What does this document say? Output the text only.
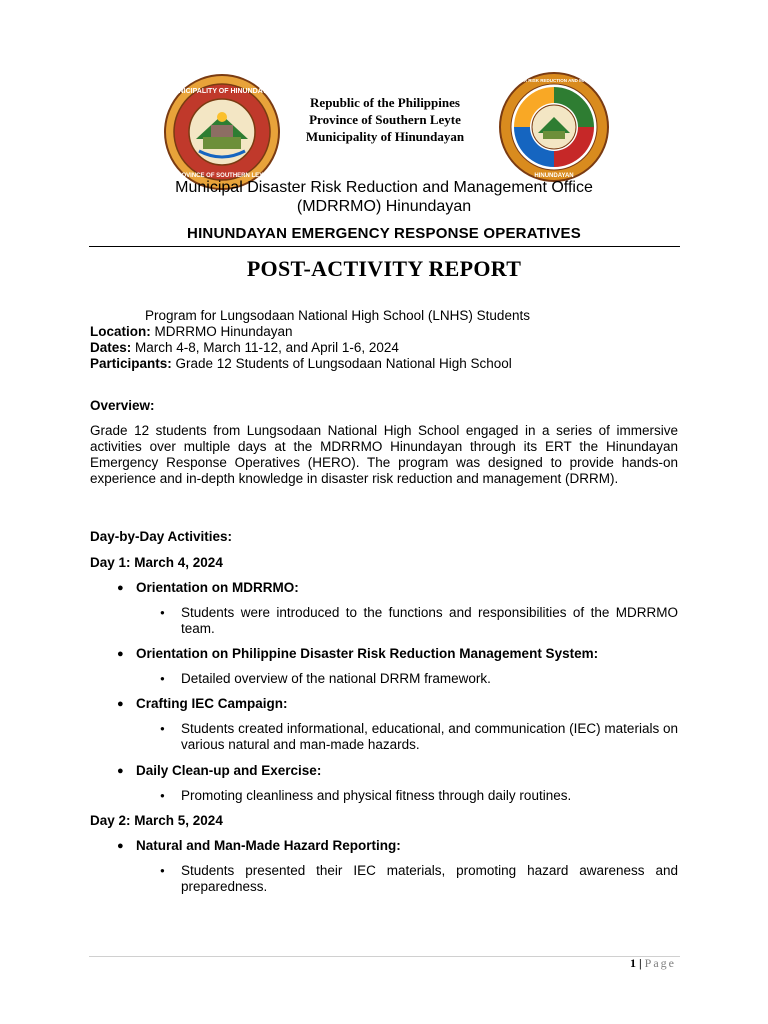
MUNICIPALITY OF HINUNDAYAN
PROVINCE OF SOUTHERN LEYTE
Republic of the Philippines
Province of Southern Leyte
Municipality of Hinundayan
MUNICIPAL DISASTER RISK REDUCTION AND MANAGEMENT OFFICE
HINUNDAYAN
Municipal Disaster Risk Reduction and Management Office
(MDRRMO) Hinundayan
HINUNDAYAN EMERGENCY RESPONSE OPERATIVES
POST-ACTIVITY REPORT
Program for Lungsodaan National High School (LNHS) Students
Location: MDRRMO Hinundayan
Dates: March 4-8, March 11-12, and April 1-6, 2024
Participants: Grade 12 Students of Lungsodaan National High School
Overview:
Grade 12 students from Lungsodaan National High School engaged in a series of immersive activities over multiple days at the MDRRMO Hinundayan through its ERT the Hinundayan Emergency Response Operatives (HERO). The program was designed to provide hands-on experience and in-depth knowledge in disaster risk reduction and management (DRRM).
Day-by-Day Activities:
Day 1: March 4, 2024
● Orientation on MDRRMO:
● Students were introduced to the functions and responsibilities of the MDRRMO team.
● Orientation on Philippine Disaster Risk Reduction Management System:
● Detailed overview of the national DRRM framework.
● Crafting IEC Campaign:
● Students created informational, educational, and communication (IEC) materials on various natural and man-made hazards.
● Daily Clean-up and Exercise:
● Promoting cleanliness and physical fitness through daily routines.
Day 2: March 5, 2024
● Natural and Man-Made Hazard Reporting:
● Students presented their IEC materials, promoting hazard awareness and preparedness.
1 | Page
